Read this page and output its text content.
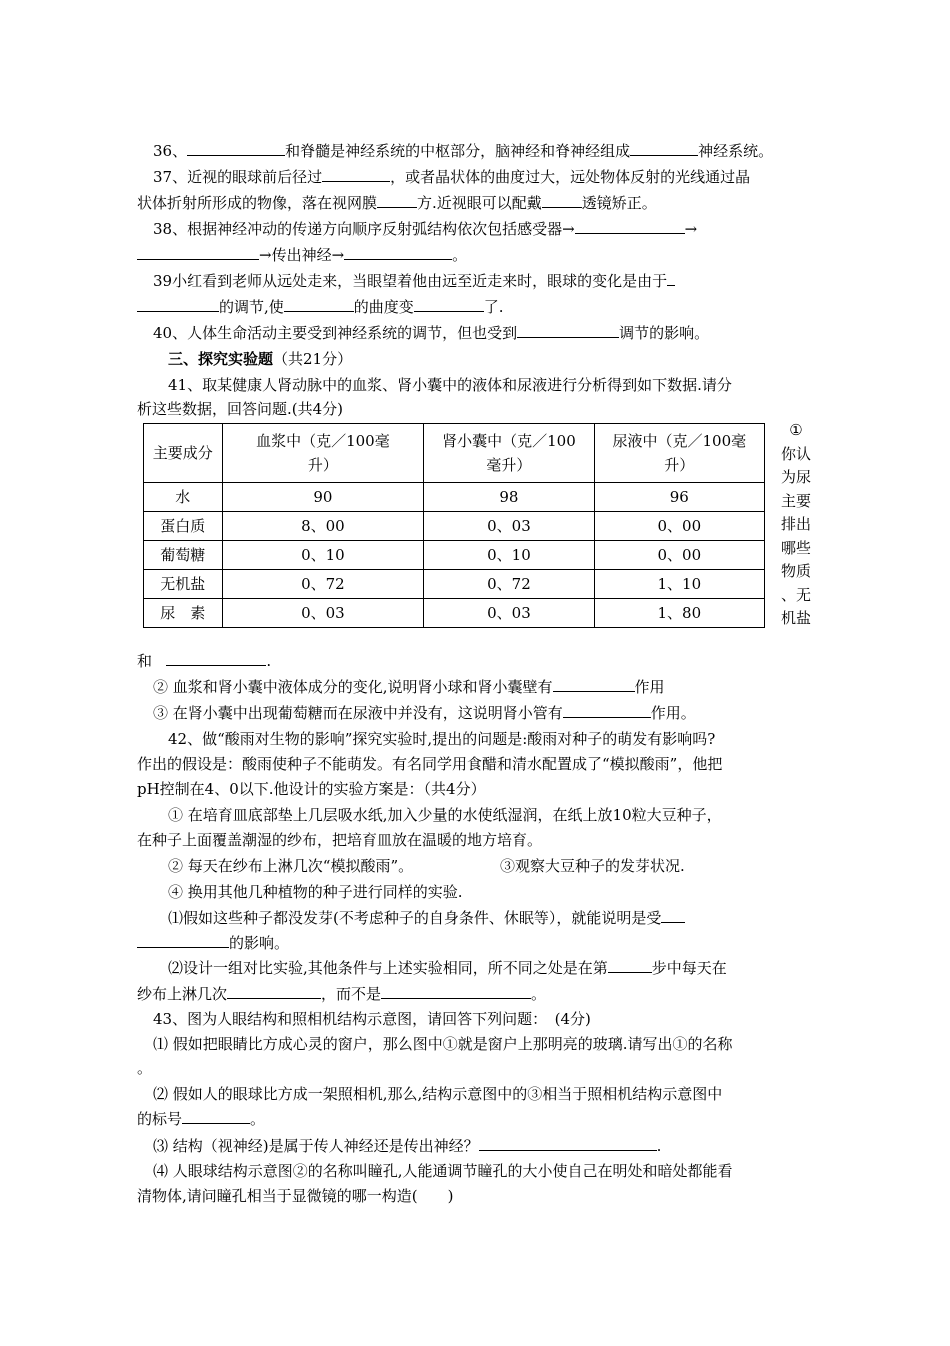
36、	和脊髓是神经系统的中枢部分，脑神经和脊神经组成	神经系统。
37、近视的眼球前后径过	，或者晶状体的曲度过大，远处物体反射的光线通过晶
状体折射所形成的物像，落在视网膜	方.近视眼可以配戴	透镜矫正。
38、根据神经冲动的传递方向顺序反射弧结构依次包括感受器→	→
→传出神经→	。
39小红看到老师从远处走来，当眼望着他由远至近走来时，眼球的变化是由于
的调节,使	的曲度变	了.
40、人体生命活动主要受到神经系统的调节，但也受到	调节的影响。
三、探究实验题（共21分）
41、取某健康人肾动脉中的血浆、肾小囊中的液体和尿液进行分析得到如下数据.请分
析这些数据，回答问题.(共4分)
主要成分	血浆中（克／100毫升）	肾小囊中（克／100毫升）	尿液中（克／100毫升）
水	90	98	96
蛋白质	8、00	0、03	0、00
葡萄糖	0、10	0、10	0、00
无机盐	0、72	0、72	1、10
尿　素	0、03	0、03	1、80
①
你认
为尿
主要
排出
哪些
物质
、无
机盐
和	.
② 血浆和肾小囊中液体成分的变化,说明肾小球和肾小囊壁有	作用
③ 在肾小囊中出现葡萄糖而在尿液中并没有，这说明肾小管有	作用。
42、做“酸雨对生物的影响”探究实验时,提出的问题是:酸雨对种子的萌发有影响吗?
作出的假设是：酸雨使种子不能萌发。有名同学用食醋和清水配置成了“模拟酸雨”，他把
pH控制在4、0以下.他设计的实验方案是：（共4分）
① 在培育皿底部垫上几层吸水纸,加入少量的水使纸湿润，在纸上放10粒大豆种子，
在种子上面覆盖潮湿的纱布，把培育皿放在温暖的地方培育。
② 每天在纱布上淋几次“模拟酸雨”。	③观察大豆种子的发芽状况.
④ 换用其他几种植物的种子进行同样的实验.
⑴假如这些种子都没发芽(不考虑种子的自身条件、休眠等），就能说明是受
的影响。
⑵设计一组对比实验,其他条件与上述实验相同，所不同之处是在第	步中每天在
纱布上淋几次	，而不是	。
43、图为人眼结构和照相机结构示意图，请回答下列问题：　(4分)
⑴ 假如把眼睛比方成心灵的窗户，那么图中①就是窗户上那明亮的玻璃.请写出①的名称
。
⑵ 假如人的眼球比方成一架照相机,那么,结构示意图中的③相当于照相机结构示意图中
的标号	。
⑶ 结构（视神经)是属于传人神经还是传出神经？	.
⑷ 人眼球结构示意图②的名称叫瞳孔,人能通调节瞳孔的大小使自己在明处和暗处都能看
清物体,请问瞳孔相当于显微镜的哪一构造(　　)
